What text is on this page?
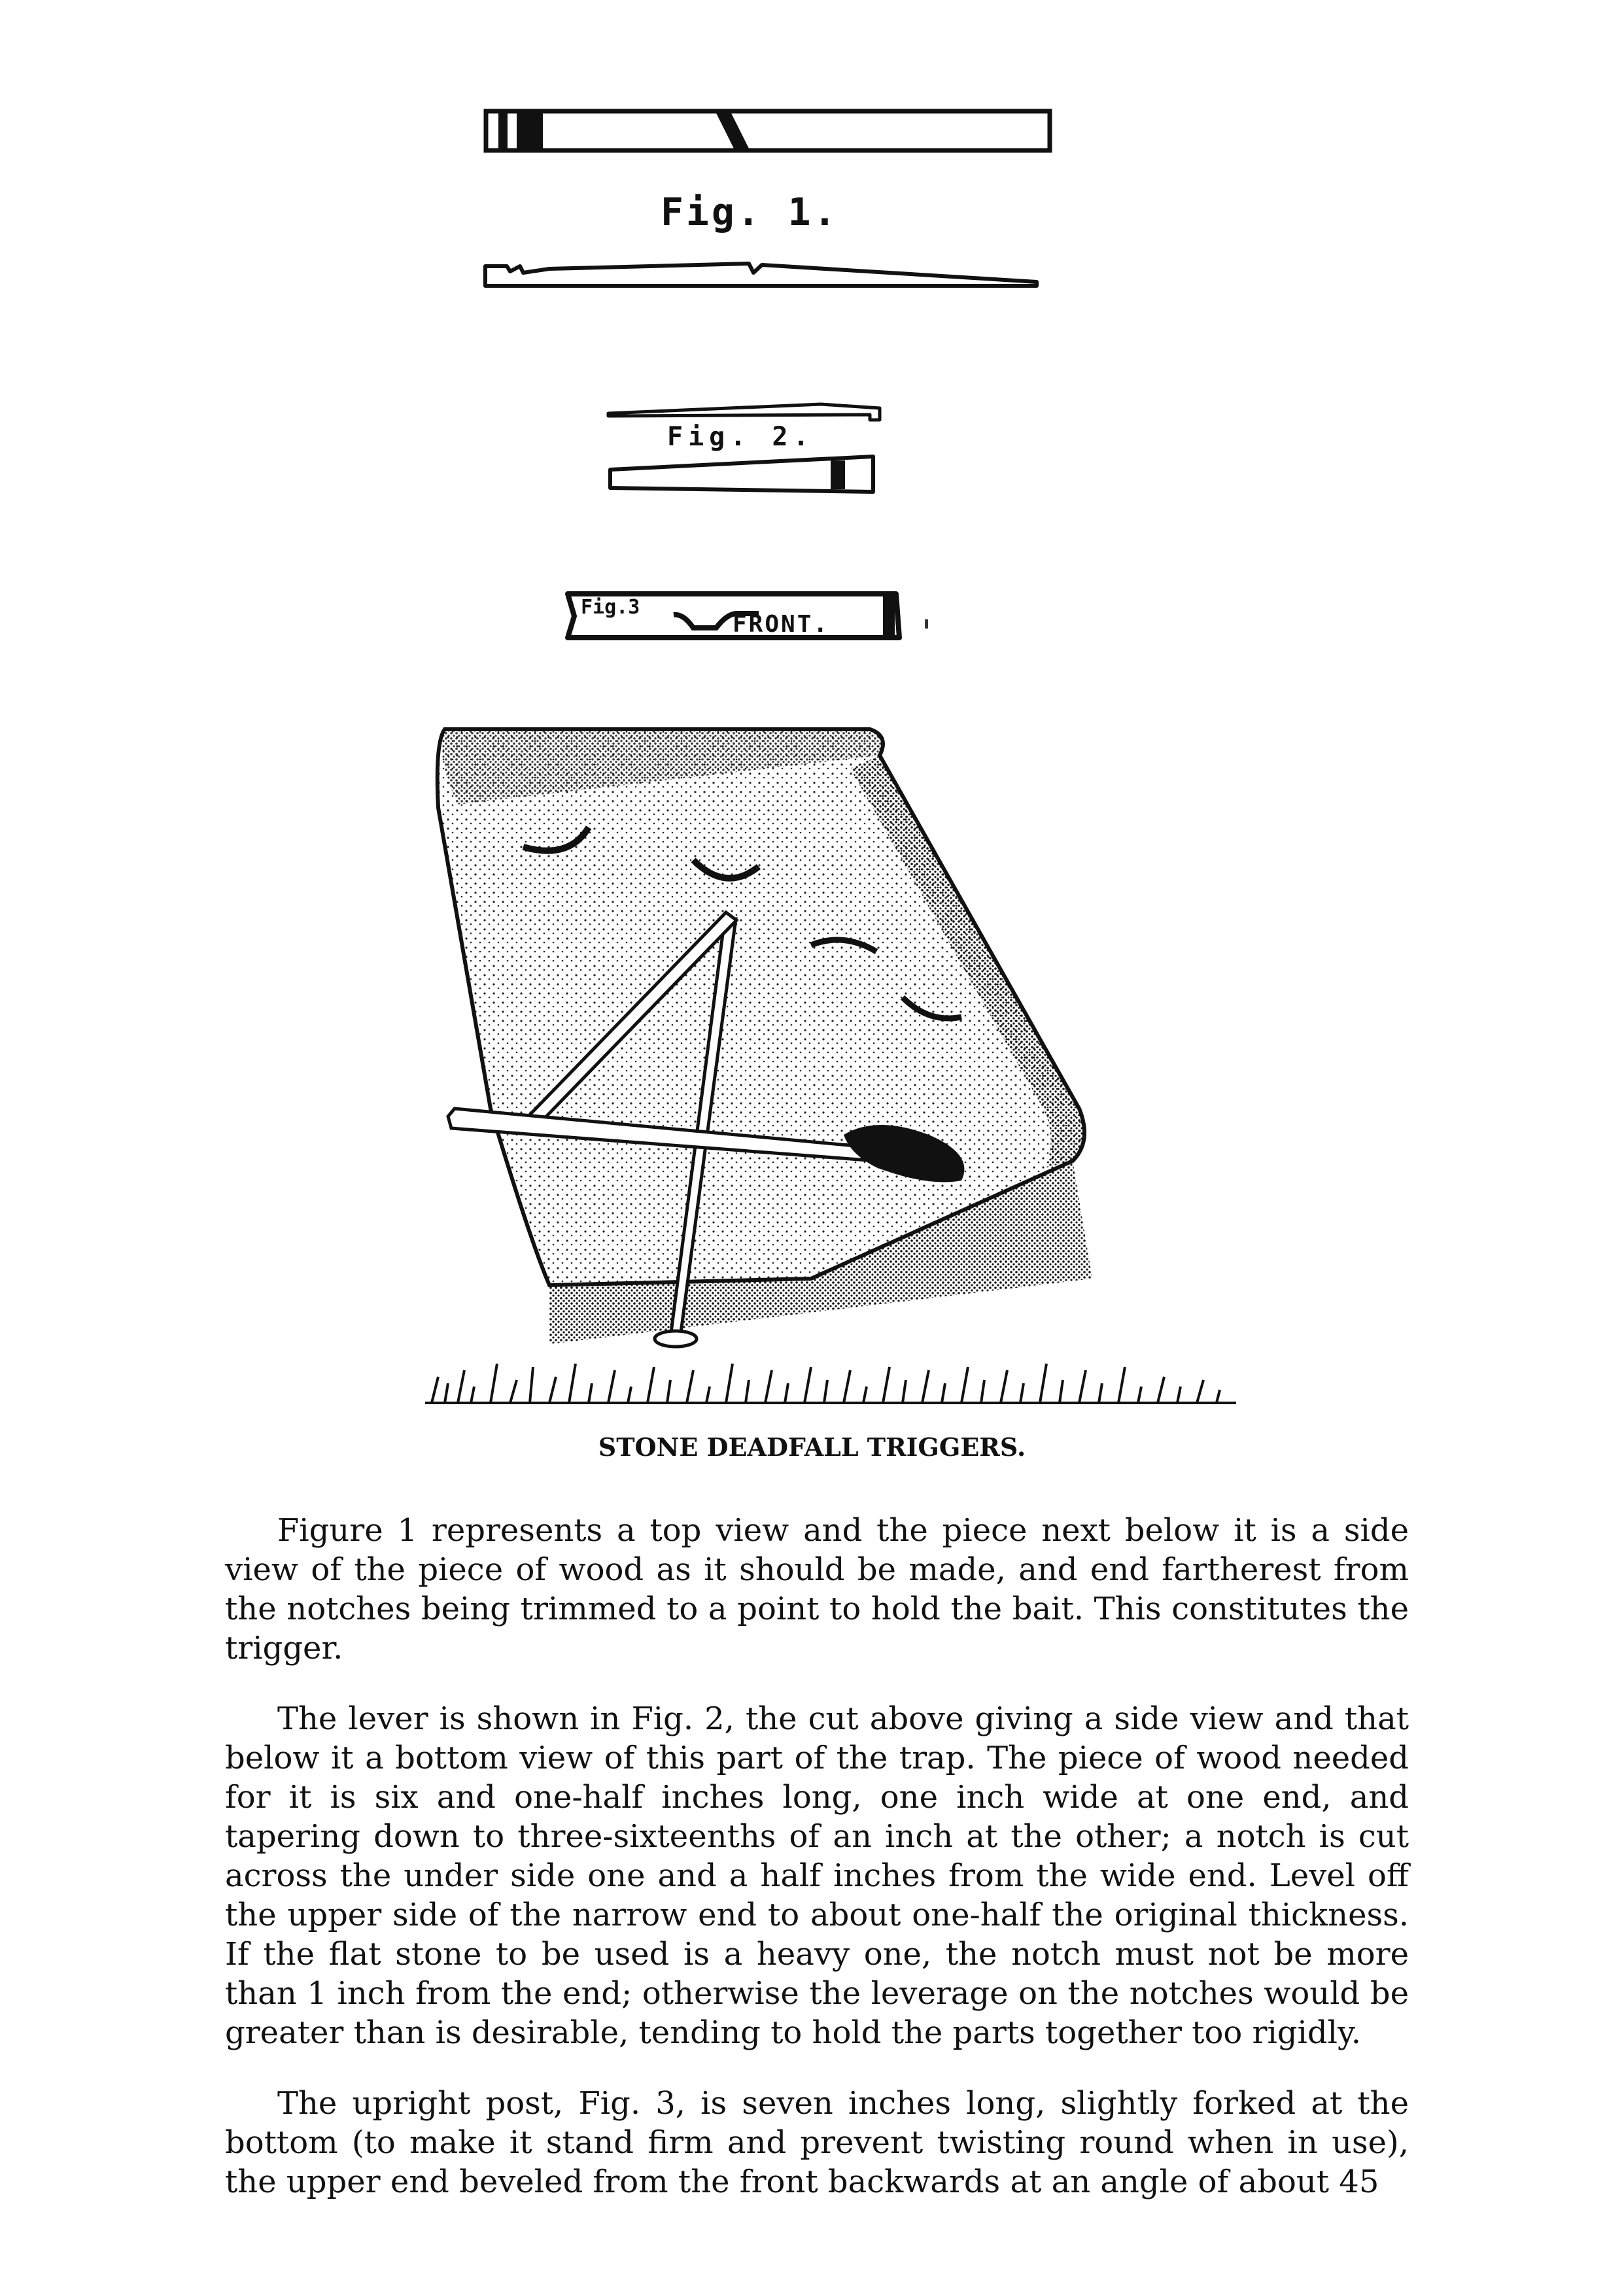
Fig. 1.
Fig. 2.
Fig.3
FRONT.
STONE DEADFALL TRIGGERS.

Figure 1 represents a top view and the piece next below it is a side view of the piece of wood as it should be made, and end fartherest from the notches being trimmed to a point to hold the bait. This constitutes the trigger.

The lever is shown in Fig. 2, the cut above giving a side view and that below it a bottom view of this part of the trap. The piece of wood needed for it is six and one-half inches long, one inch wide at one end, and tapering down to three-sixteenths of an inch at the other; a notch is cut across the under side one and a half inches from the wide end. Level off the upper side of the narrow end to about one-half the original thickness. If the flat stone to be used is a heavy one, the notch must not be more than 1 inch from the end; otherwise the leverage on the notches would be greater than is desirable, tending to hold the parts together too rigidly.

The upright post, Fig. 3, is seven inches long, slightly forked at the bottom (to make it stand firm and prevent twisting round when in use), the upper end beveled from the front backwards at an angle of about 45
